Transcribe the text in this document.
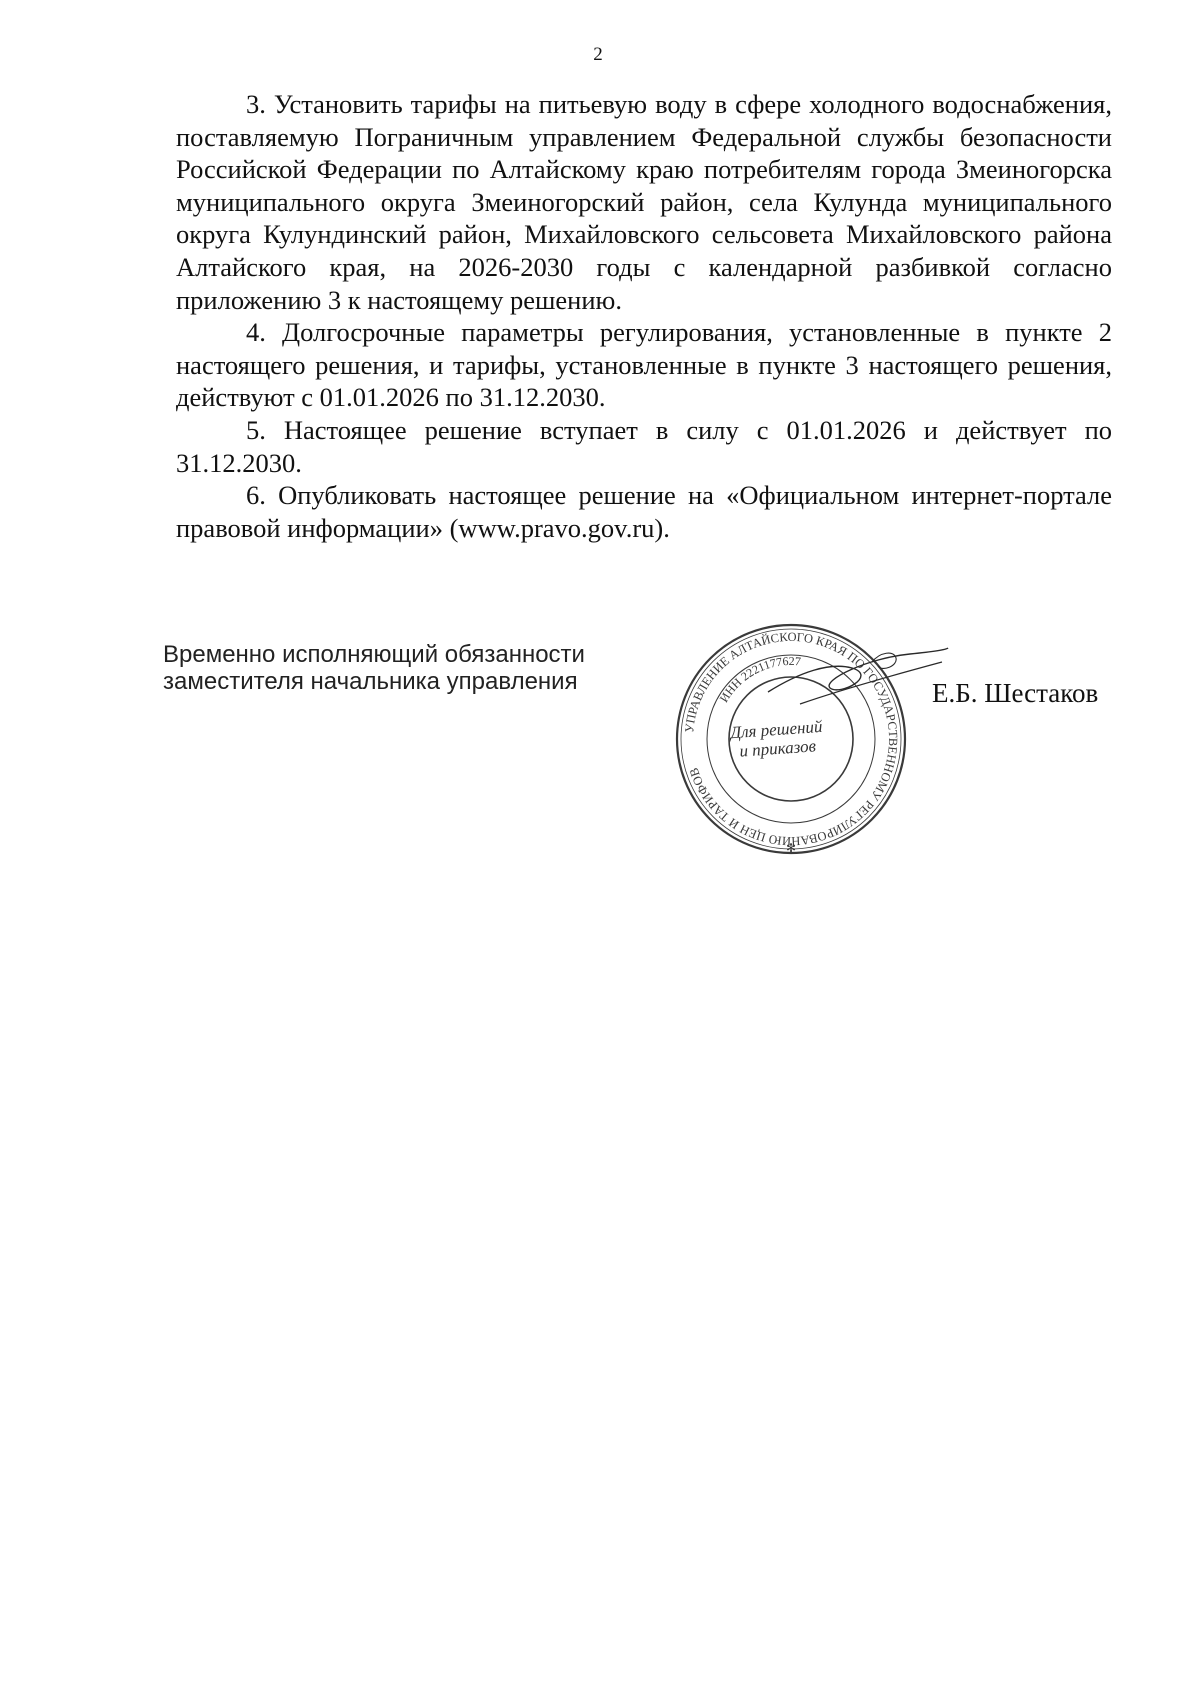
2

3. Установить тарифы на питьевую воду в сфере холодного водоснабжения, поставляемую Пограничным управлением Федеральной службы безопасности Российской Федерации по Алтайскому краю потребителям города Змеиногорска муниципального округа Змеиногорский район, села Кулунда муниципального округа Кулундинский район, Михайловского сельсовета Михайловского района Алтайского края, на 2026-2030 годы с календарной разбивкой согласно приложению 3 к настоящему решению.

4. Долгосрочные параметры регулирования, установленные в пункте 2 настоящего решения, и тарифы, установленные в пункте 3 настоящего решения, действуют с 01.01.2026 по 31.12.2030.

5. Настоящее решение вступает в силу с 01.01.2026 и действует по 31.12.2030.

6. Опубликовать настоящее решение на «Официальном интернет-портале правовой информации» (www.pravo.gov.ru).

Временно исполняющий обязанности
заместителя начальника управления
УПРАВЛЕНИЕ АЛТАЙСКОГО КРАЯ ПО ГОСУДАРСТВЕННОМУ РЕГУЛИРОВАНИЮ ЦЕН И ТАРИФОВ
ИНН 2221177627
✻
Для решений
и приказов
Е.Б. Шестаков
